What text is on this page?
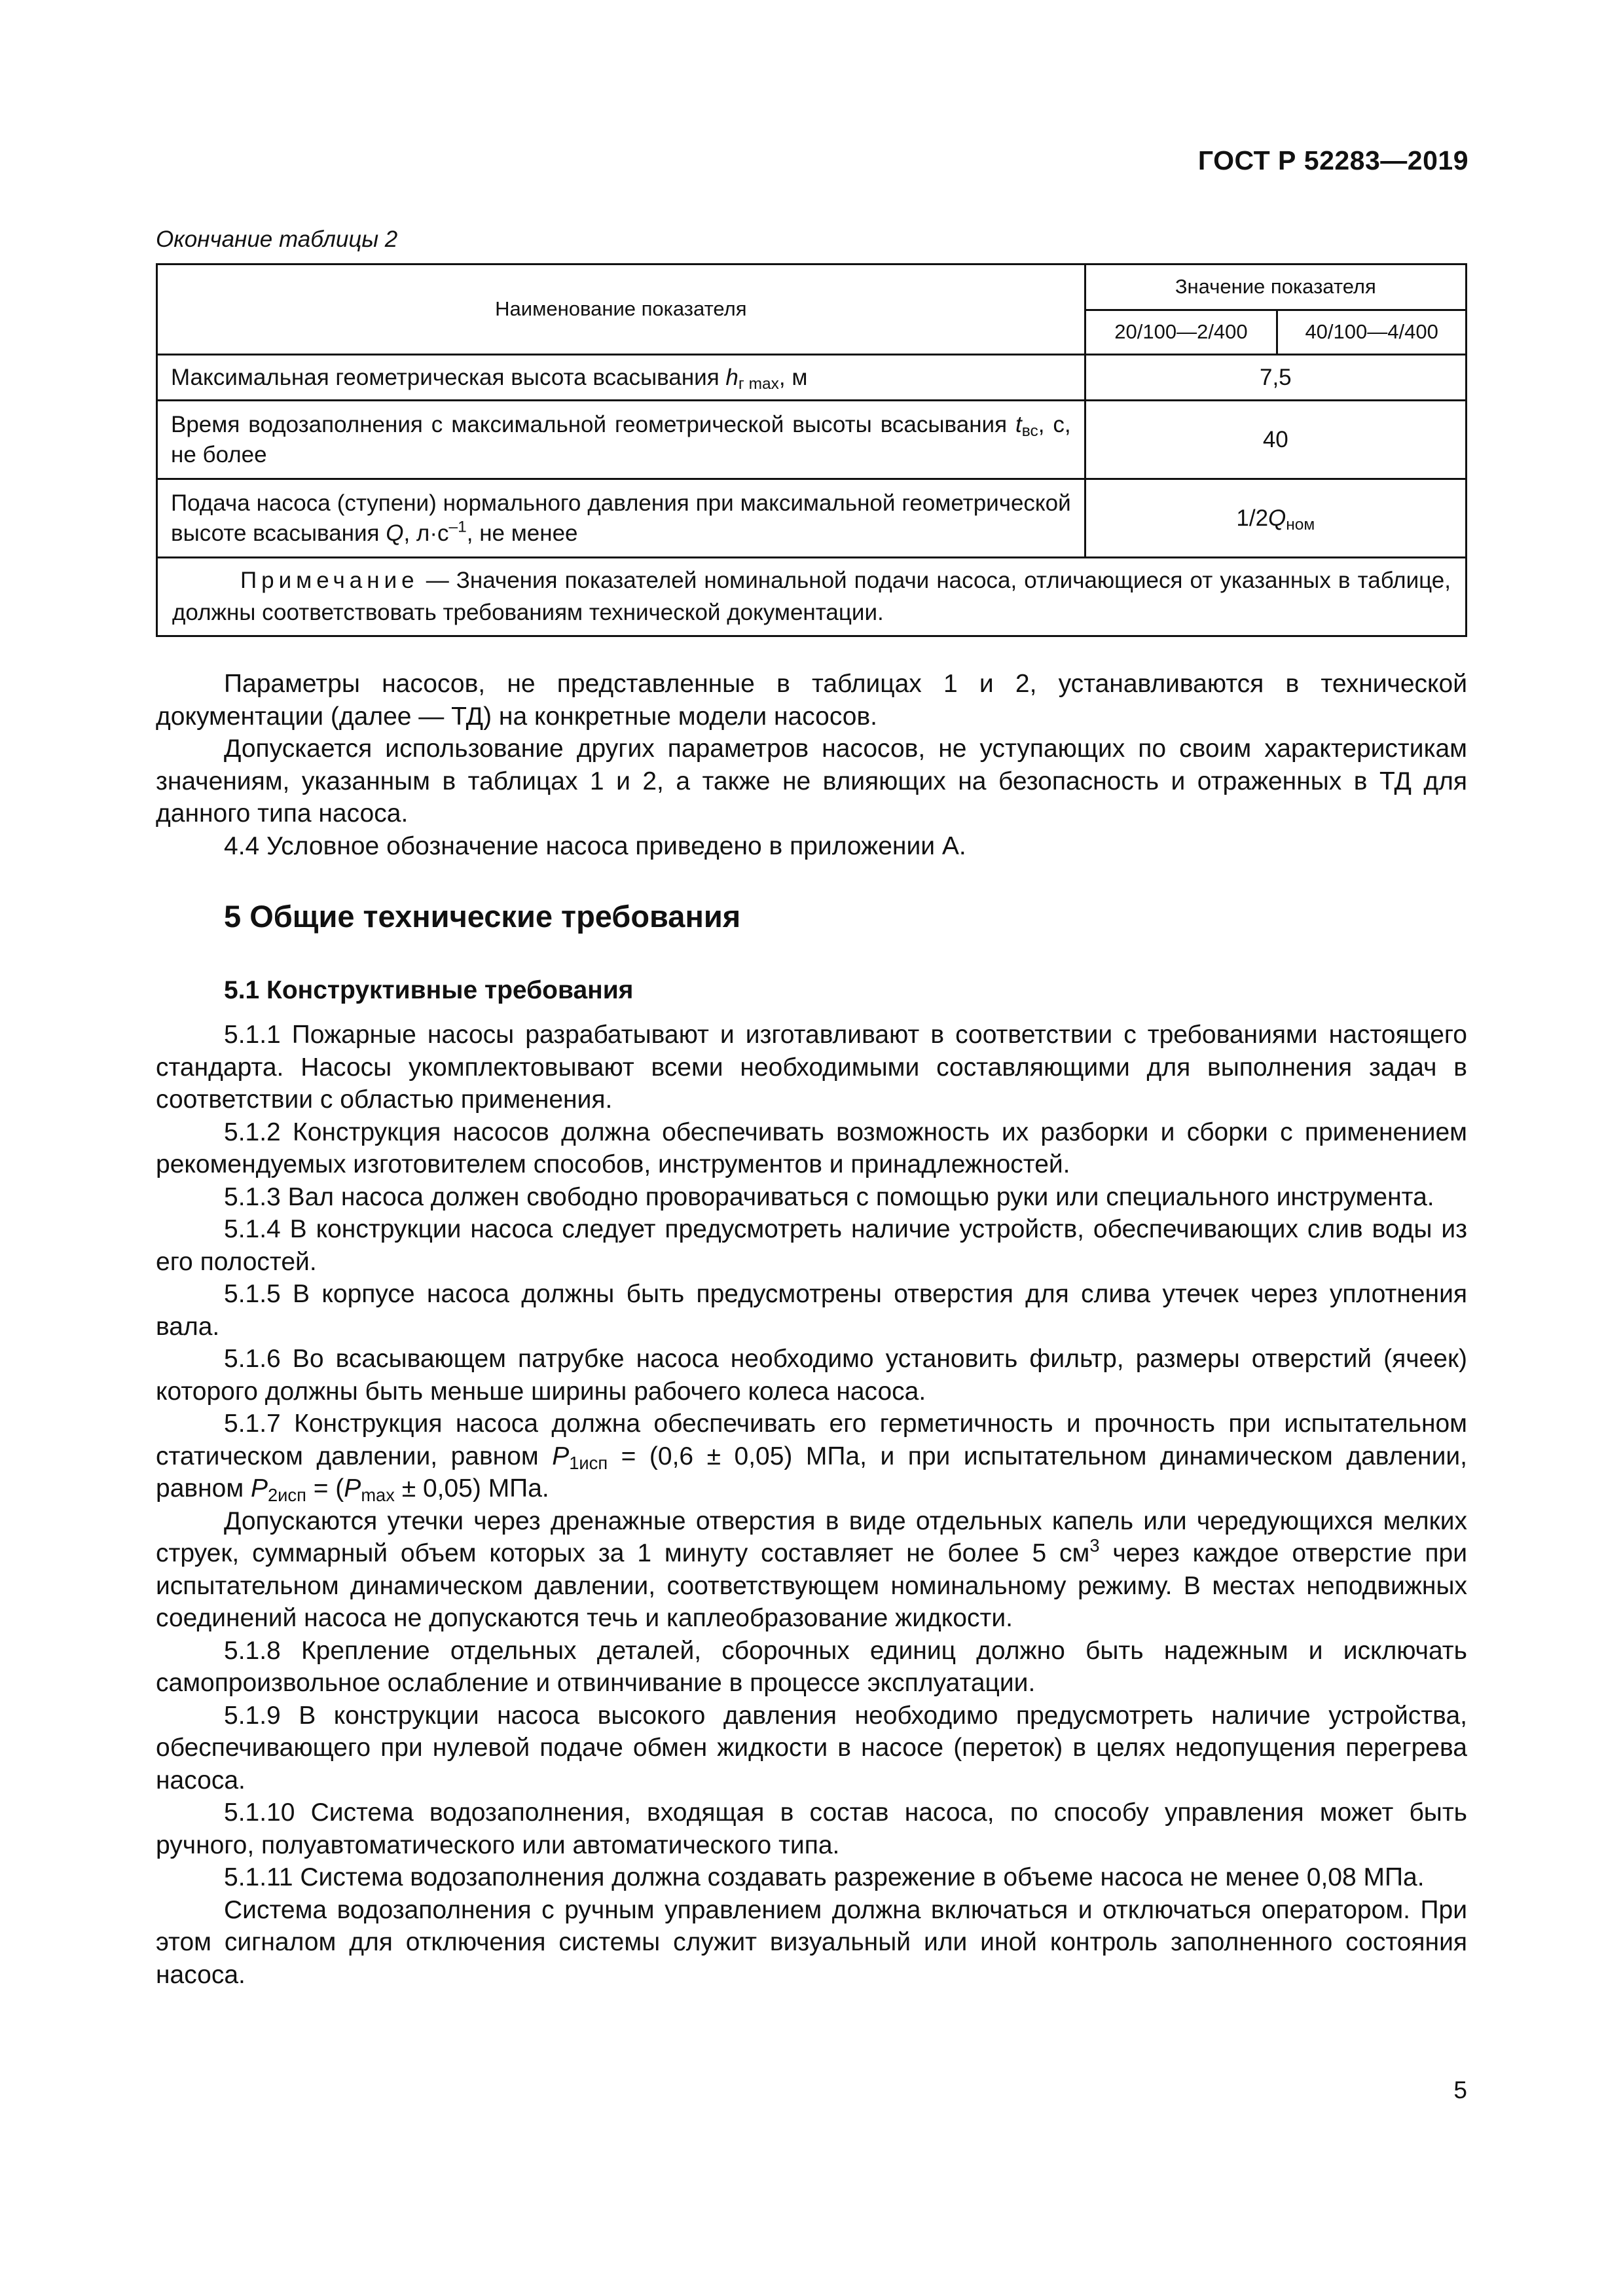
ГОСТ Р 52283—2019
Окончание таблицы 2
Наименование показателя	Значение показателя	
	20/100—2/400	40/100—4/400
Максимальная геометрическая высота всасывания $h_{г max}$, м	7,5	
Время водозаполнения с максимальной геометрической высоты всасывания $t_{вс}$, с, не более	40	
Подача насоса (ступени) нормального давления при максимальной геометрической высоте всасывания Q, $л\cdot с^{-1}$, не менее	$1/2Q_{ном}$
Примечание — Значения показателей номинальной подачи насоса, отличающиеся от указанных в таблице, должны соответствовать требованиям технической документации.		

Параметры насосов, не представленные в таблицах 1 и 2, устанавливаются в технической документации (далее — ТД) на конкретные модели насосов.

Допускается использование других параметров насосов, не уступающих по своим характеристикам значениям, указанным в таблицах 1 и 2, а также не влияющих на безопасность и отраженных в ТД для данного типа насоса.

4.4 Условное обозначение насоса приведено в приложении А.

5 Общие технические требования
5.1 Конструктивные требования

5.1.1 Пожарные насосы разрабатывают и изготавливают в соответствии с требованиями настоящего стандарта. Насосы укомплектовывают всеми необходимыми составляющими для выполнения задач в соответствии с областью применения.

5.1.2 Конструкция насосов должна обеспечивать возможность их разборки и сборки с применением рекомендуемых изготовителем способов, инструментов и принадлежностей.

5.1.3 Вал насоса должен свободно проворачиваться с помощью руки или специального инструмента.

5.1.4 В конструкции насоса следует предусмотреть наличие устройств, обеспечивающих слив воды из его полостей.

5.1.5 В корпусе насоса должны быть предусмотрены отверстия для слива утечек через уплотнения вала.

5.1.6 Во всасывающем патрубке насоса необходимо установить фильтр, размеры отверстий (ячеек) которого должны быть меньше ширины рабочего колеса насоса.

5.1.7 Конструкция насоса должна обеспечивать его герметичность и прочность при испытательном статическом давлении, равном $P_{1исп} = (0,6 \pm 0,05)$ МПа, и при испытательном динамическом давлении, равном $P_{2исп} = (P_{max} \pm 0,05)$ МПа.

Допускаются утечки через дренажные отверстия в виде отдельных капель или чередующихся мелких струек, суммарный объем которых за 1 минуту составляет не более 5 $см^3$ через каждое отверстие при испытательном динамическом давлении, соответствующем номинальному режиму. В местах неподвижных соединений насоса не допускаются течь и каплеобразование жидкости.

5.1.8 Крепление отдельных деталей, сборочных единиц должно быть надежным и исключать самопроизвольное ослабление и отвинчивание в процессе эксплуатации.

5.1.9 В конструкции насоса высокого давления необходимо предусмотреть наличие устройства, обеспечивающего при нулевой подаче обмен жидкости в насосе (переток) в целях недопущения перегрева насоса.

5.1.10 Система водозаполнения, входящая в состав насоса, по способу управления может быть ручного, полуавтоматического или автоматического типа.

5.1.11 Система водозаполнения должна создавать разрежение в объеме насоса не менее 0,08 МПа.

Система водозаполнения с ручным управлением должна включаться и отключаться оператором. При этом сигналом для отключения системы служит визуальный или иной контроль заполненного состояния насоса.

5
